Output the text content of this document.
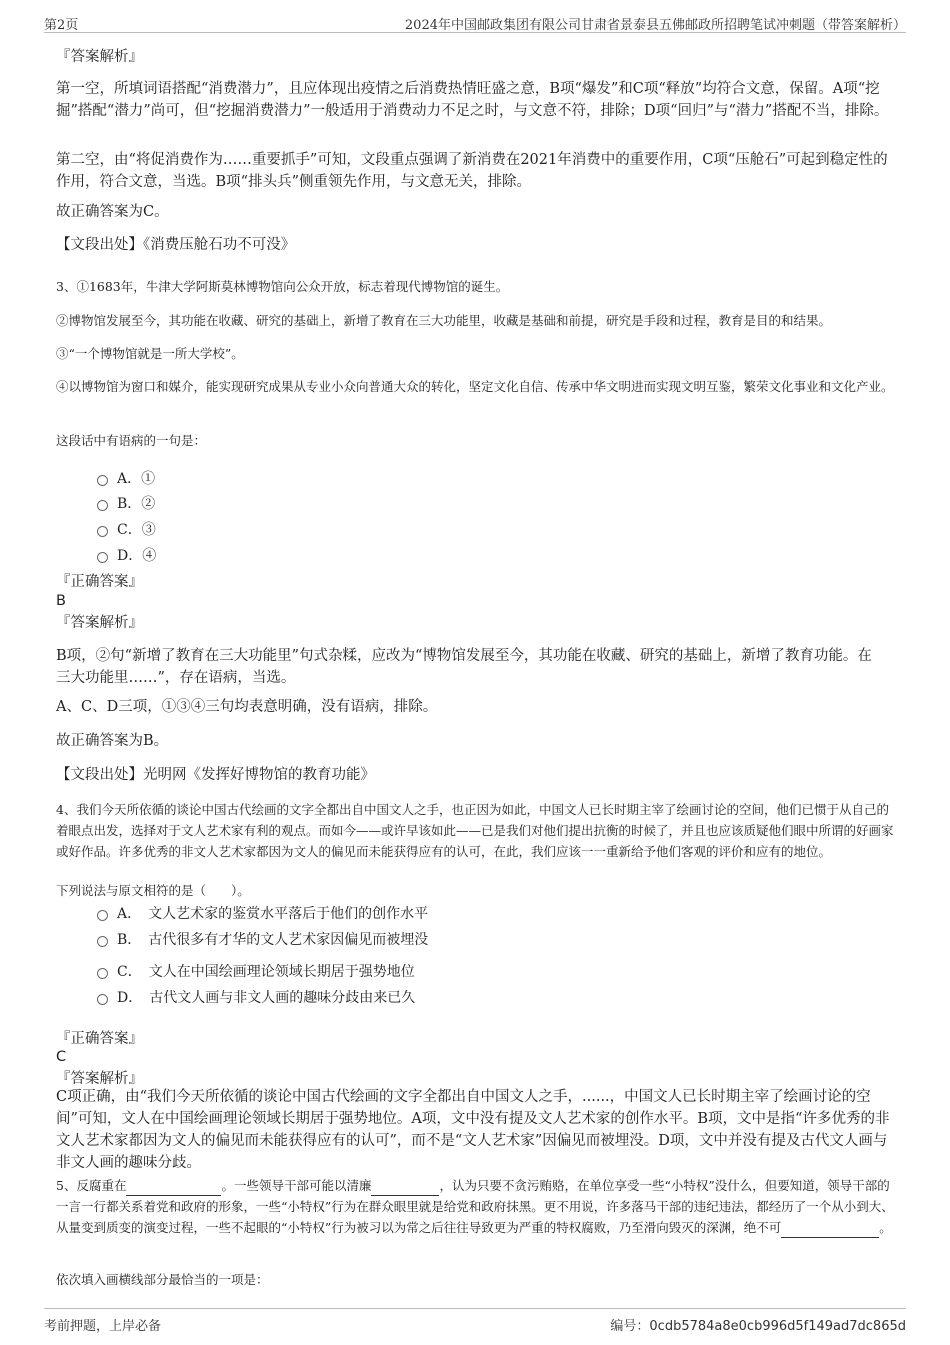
第2页	2024年中国邮政集团有限公司甘肃省景泰县五佛邮政所招聘笔试冲刺题（带答案解析）
『答案解析』
第一空，所填词语搭配“消费潜力”，且应体现出疫情之后消费热情旺盛之意，B项“爆发”和C项“释放”均符合文意，保留。A项“挖掘”搭配“潜力”尚可，但“挖掘消费潜力”一般适用于消费动力不足之时，与文意不符，排除；D项“回归”与“潜力”搭配不当，排除。
第二空，由“将促消费作为……重要抓手”可知，文段重点强调了新消费在2021年消费中的重要作用，C项“压舱石”可起到稳定性的作用，符合文意，当选。B项“排头兵”侧重领先作用，与文意无关，排除。
故正确答案为C。
【文段出处】《消费压舱石功不可没》
3、①1683年，牛津大学阿斯莫林博物馆向公众开放，标志着现代博物馆的诞生。
②博物馆发展至今，其功能在收藏、研究的基础上，新增了教育在三大功能里，收藏是基础和前提，研究是手段和过程，教育是目的和结果。
③“一个博物馆就是一所大学校”。
④以博物馆为窗口和媒介，能实现研究成果从专业小众向普通大众的转化，坚定文化自信、传承中华文明进而实现文明互鉴，繁荣文化事业和文化产业。
这段话中有语病的一句是：
A．①
B．②
C．③
D．④
『正确答案』
B
『答案解析』
B项，②句“新增了教育在三大功能里”句式杂糅，应改为“博物馆发展至今，其功能在收藏、研究的基础上，新增了教育功能。在三大功能里……”，存在语病，当选。
A、C、D三项，①③④三句均表意明确，没有语病，排除。
故正确答案为B。
【文段出处】光明网《发挥好博物馆的教育功能》
4、我们今天所依循的谈论中国古代绘画的文字全都出自中国文人之手，也正因为如此，中国文人已长时期主宰了绘画讨论的空间，他们已惯于从自己的着眼点出发，选择对于文人艺术家有利的观点。而如今——或许早该如此——已是我们对他们提出抗衡的时候了，并且也应该质疑他们眼中所谓的好画家或好作品。许多优秀的非文人艺术家都因为文人的偏见而未能获得应有的认可，在此，我们应该一一重新给予他们客观的评价和应有的地位。
下列说法与原文相符的是（　　）。
A．　文人艺术家的鉴赏水平落后于他们的创作水平
B．　古代很多有才华的文人艺术家因偏见而被埋没
C．　文人在中国绘画理论领域长期居于强势地位
D．　古代文人画与非文人画的趣味分歧由来已久
『正确答案』
C
『答案解析』
C项正确，由“我们今天所依循的谈论中国古代绘画的文字全都出自中国文人之手，......，中国文人已长时期主宰了绘画讨论的空间”可知，文人在中国绘画理论领域长期居于强势地位。A项，文中没有提及文人艺术家的创作水平。B项，文中是指“许多优秀的非文人艺术家都因为文人的偏见而未能获得应有的认可”，而不是“文人艺术家”因偏见而被埋没。D项，文中并没有提及古代文人画与非文人画的趣味分歧。
5、反腐重在	。一些领导干部可能以清廉	，认为只要不贪污贿赂，在单位享受一些“小特权”没什么，但要知道，领导干部的一言一行都关系着党和政府的形象，一些“小特权”行为在群众眼里就是给党和政府抹黑。更不用说，许多落马干部的违纪违法，都经历了一个从小到大、从量变到质变的演变过程，一些不起眼的“小特权”行为被习以为常之后往往导致更为严重的特权腐败，乃至滑向毁灭的深渊，绝不可	。
依次填入画横线部分最恰当的一项是：
考前押题，上岸必备	编号：0cdb5784a8e0cb996d5f149ad7dc865d
